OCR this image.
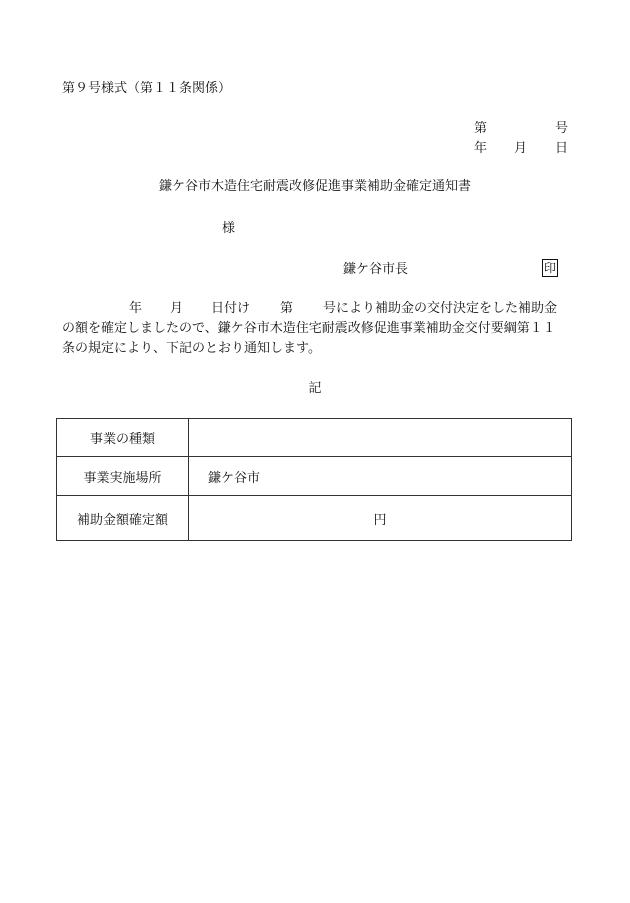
第９号様式（第１１条関係）
第	号
年 月 日
鎌ケ谷市木造住宅耐震改修促進事業補助金確定通知書
様
鎌ケ谷市長	印
年 月 日付け 第 号により補助金の交付決定をした補助金
の額を確定しましたので、鎌ケ谷市木造住宅耐震改修促進事業補助金交付要綱第１１
条の規定により、下記のとおり通知します。
記
事業の種類	
事業実施場所	鎌ケ谷市
補助金額確定額	円
